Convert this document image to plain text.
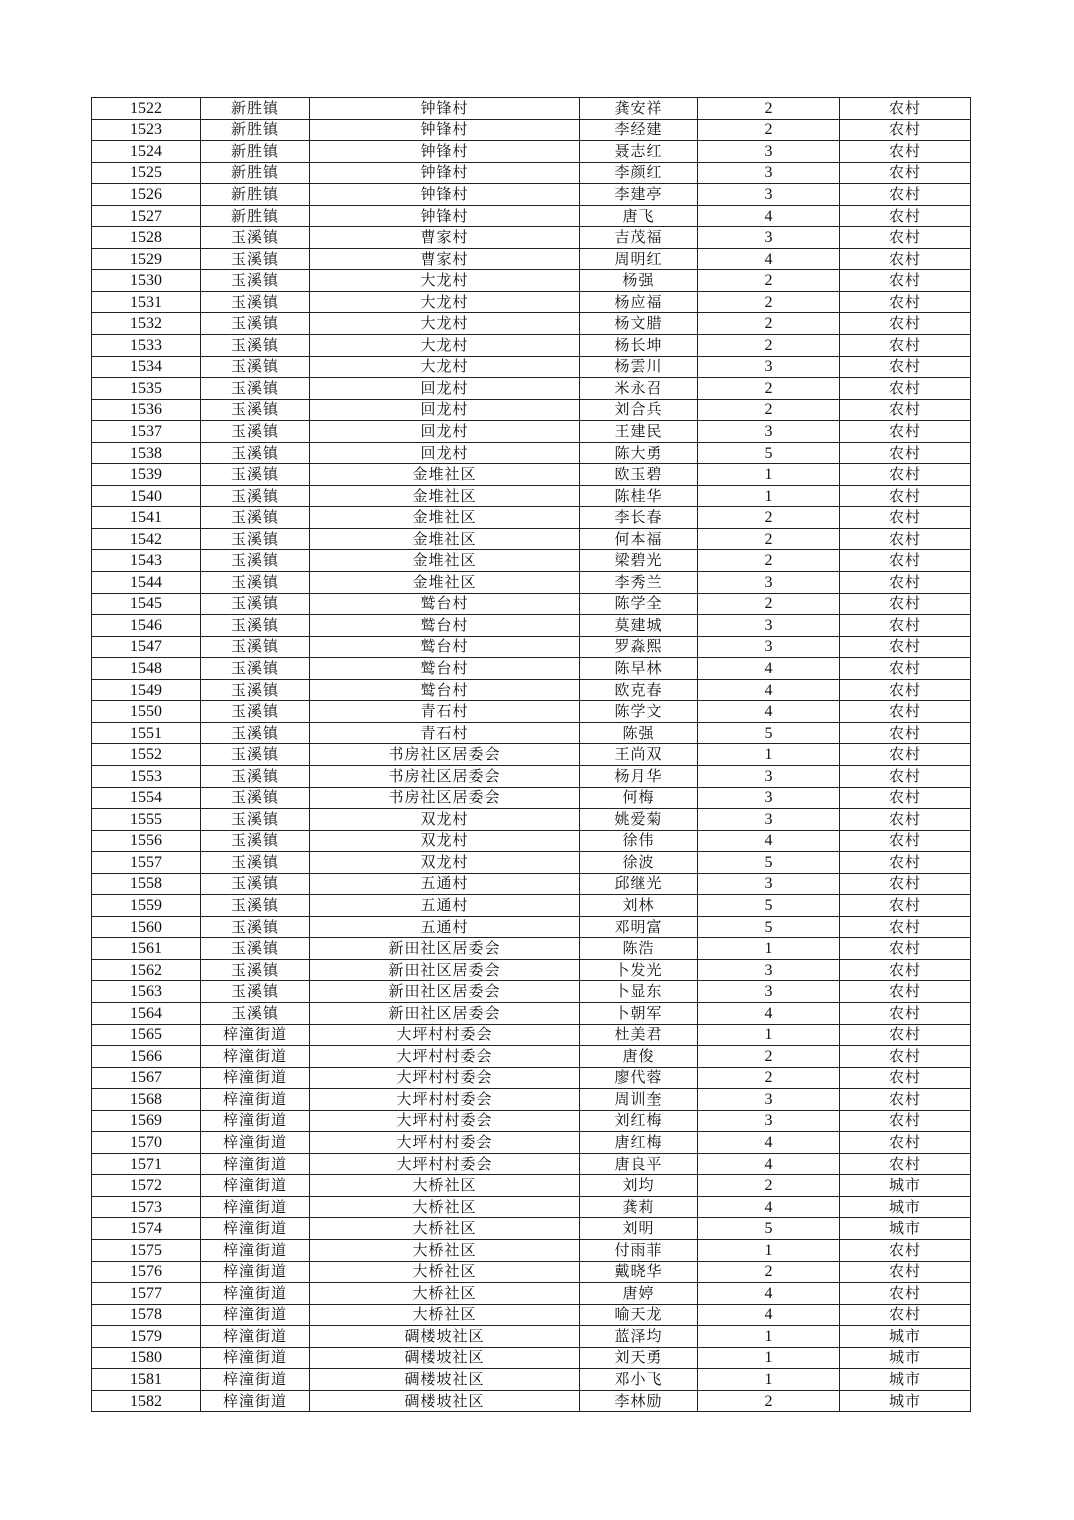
1522	新胜镇	钟锋村	龚安祥	2	农村
1523	新胜镇	钟锋村	李经建	2	农村
1524	新胜镇	钟锋村	聂志红	3	农村
1525	新胜镇	钟锋村	李颜红	3	农村
1526	新胜镇	钟锋村	李建亭	3	农村
1527	新胜镇	钟锋村	唐飞	4	农村
1528	玉溪镇	曹家村	吉茂福	3	农村
1529	玉溪镇	曹家村	周明红	4	农村
1530	玉溪镇	大龙村	杨强	2	农村
1531	玉溪镇	大龙村	杨应福	2	农村
1532	玉溪镇	大龙村	杨文腊	2	农村
1533	玉溪镇	大龙村	杨长坤	2	农村
1534	玉溪镇	大龙村	杨雲川	3	农村
1535	玉溪镇	回龙村	米永召	2	农村
1536	玉溪镇	回龙村	刘合兵	2	农村
1537	玉溪镇	回龙村	王建民	3	农村
1538	玉溪镇	回龙村	陈大勇	5	农村
1539	玉溪镇	金堆社区	欧玉碧	1	农村
1540	玉溪镇	金堆社区	陈桂华	1	农村
1541	玉溪镇	金堆社区	李长春	2	农村
1542	玉溪镇	金堆社区	何本福	2	农村
1543	玉溪镇	金堆社区	梁碧光	2	农村
1544	玉溪镇	金堆社区	李秀兰	3	农村
1545	玉溪镇	鹫台村	陈学全	2	农村
1546	玉溪镇	鹫台村	莫建城	3	农村
1547	玉溪镇	鹫台村	罗淼熙	3	农村
1548	玉溪镇	鹫台村	陈早林	4	农村
1549	玉溪镇	鹫台村	欧克春	4	农村
1550	玉溪镇	青石村	陈学文	4	农村
1551	玉溪镇	青石村	陈强	5	农村
1552	玉溪镇	书房社区居委会	王尚双	1	农村
1553	玉溪镇	书房社区居委会	杨月华	3	农村
1554	玉溪镇	书房社区居委会	何梅	3	农村
1555	玉溪镇	双龙村	姚爱菊	3	农村
1556	玉溪镇	双龙村	徐伟	4	农村
1557	玉溪镇	双龙村	徐波	5	农村
1558	玉溪镇	五通村	邱继光	3	农村
1559	玉溪镇	五通村	刘林	5	农村
1560	玉溪镇	五通村	邓明富	5	农村
1561	玉溪镇	新田社区居委会	陈浩	1	农村
1562	玉溪镇	新田社区居委会	卜发光	3	农村
1563	玉溪镇	新田社区居委会	卜显东	3	农村
1564	玉溪镇	新田社区居委会	卜朝军	4	农村
1565	梓潼街道	大坪村村委会	杜美君	1	农村
1566	梓潼街道	大坪村村委会	唐俊	2	农村
1567	梓潼街道	大坪村村委会	廖代蓉	2	农村
1568	梓潼街道	大坪村村委会	周训奎	3	农村
1569	梓潼街道	大坪村村委会	刘红梅	3	农村
1570	梓潼街道	大坪村村委会	唐红梅	4	农村
1571	梓潼街道	大坪村村委会	唐良平	4	农村
1572	梓潼街道	大桥社区	刘均	2	城市
1573	梓潼街道	大桥社区	龚莉	4	城市
1574	梓潼街道	大桥社区	刘明	5	城市
1575	梓潼街道	大桥社区	付雨菲	1	农村
1576	梓潼街道	大桥社区	戴晓华	2	农村
1577	梓潼街道	大桥社区	唐婷	4	农村
1578	梓潼街道	大桥社区	喻天龙	4	农村
1579	梓潼街道	碉楼坡社区	蓝泽均	1	城市
1580	梓潼街道	碉楼坡社区	刘天勇	1	城市
1581	梓潼街道	碉楼坡社区	邓小飞	1	城市
1582	梓潼街道	碉楼坡社区	李林励	2	城市
